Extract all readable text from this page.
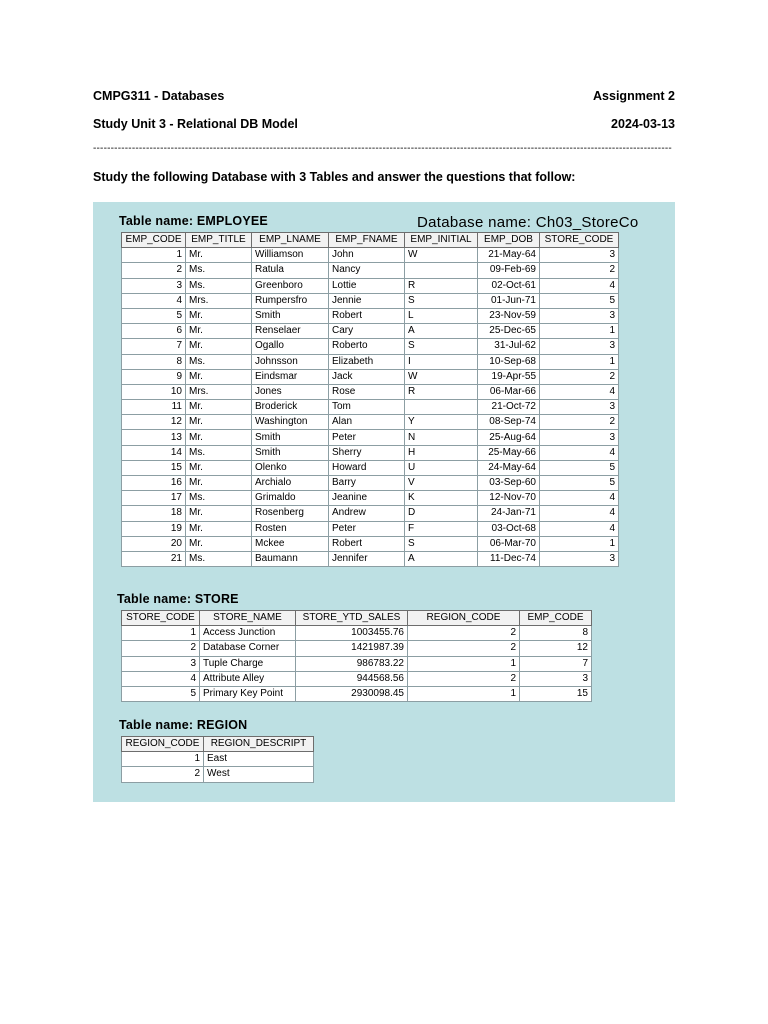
CMPG311 - Databases	Assignment 2
Study Unit 3 - Relational DB Model	2024-03-13
--------------------------------------------------------------------------------------------------------------------------------------------------------------------
Study the following Database with 3 Tables and answer the questions that follow:
Table name: EMPLOYEE	Database name: Ch03_StoreCo
EMP_CODE	EMP_TITLE	EMP_LNAME	EMP_FNAME	EMP_INITIAL	EMP_DOB	STORE_CODE
1	Mr.	Williamson	John	W	21-May-64	3
2	Ms.	Ratula	Nancy		09-Feb-69	2
3	Ms.	Greenboro	Lottie	R	02-Oct-61	4
4	Mrs.	Rumpersfro	Jennie	S	01-Jun-71	5
5	Mr.	Smith	Robert	L	23-Nov-59	3
6	Mr.	Renselaer	Cary	A	25-Dec-65	1
7	Mr.	Ogallo	Roberto	S	31-Jul-62	3
8	Ms.	Johnsson	Elizabeth	I	10-Sep-68	1
9	Mr.	Eindsmar	Jack	W	19-Apr-55	2
10	Mrs.	Jones	Rose	R	06-Mar-66	4
11	Mr.	Broderick	Tom		21-Oct-72	3
12	Mr.	Washington	Alan	Y	08-Sep-74	2
13	Mr.	Smith	Peter	N	25-Aug-64	3
14	Ms.	Smith	Sherry	H	25-May-66	4
15	Mr.	Olenko	Howard	U	24-May-64	5
16	Mr.	Archialo	Barry	V	03-Sep-60	5
17	Ms.	Grimaldo	Jeanine	K	12-Nov-70	4
18	Mr.	Rosenberg	Andrew	D	24-Jan-71	4
19	Mr.	Rosten	Peter	F	03-Oct-68	4
20	Mr.	Mckee	Robert	S	06-Mar-70	1
21	Ms.	Baumann	Jennifer	A	11-Dec-74	3
Table name: STORE
STORE_CODE	STORE_NAME	STORE_YTD_SALES	REGION_CODE	EMP_CODE
1	Access Junction	1003455.76	2	8
2	Database Corner	1421987.39	2	12
3	Tuple Charge	986783.22	1	7
4	Attribute Alley	944568.56	2	3
5	Primary Key Point	2930098.45	1	15
Table name: REGION
REGION_CODE	REGION_DESCRIPT
1	East
2	West
